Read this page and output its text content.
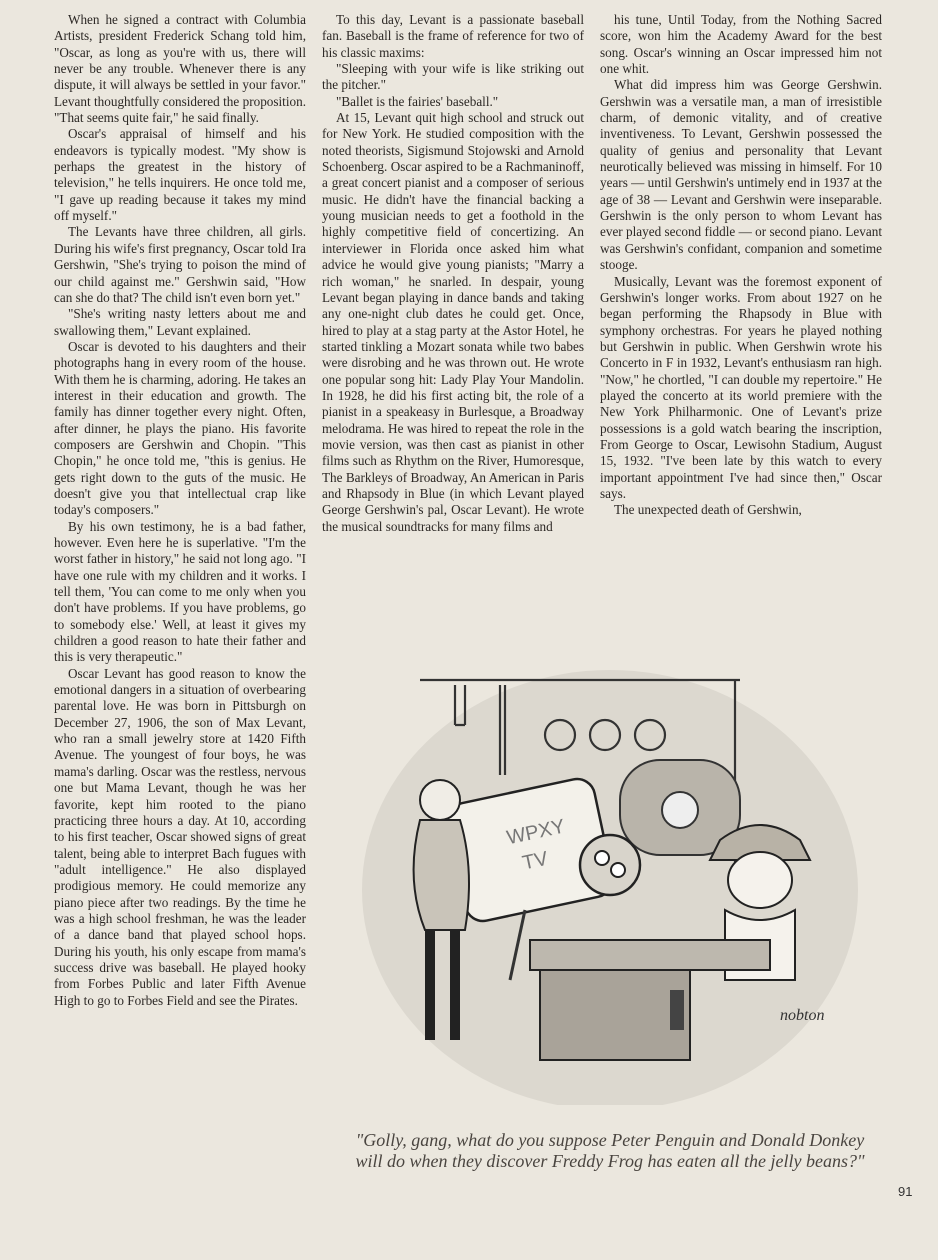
When he signed a contract with Columbia Artists, president Frederick Schang told him, "Oscar, as long as you're with us, there will never be any trouble. Whenever there is any dispute, it will always be settled in your favor." Levant thoughtfully considered the proposition. "That seems quite fair," he said finally.

Oscar's appraisal of himself and his endeavors is typically modest. "My show is perhaps the greatest in the history of television," he tells inquirers. He once told me, "I gave up reading because it takes my mind off myself."

The Levants have three children, all girls. During his wife's first pregnancy, Oscar told Ira Gershwin, "She's trying to poison the mind of our child against me." Gershwin said, "How can she do that? The child isn't even born yet."

"She's writing nasty letters about me and swallowing them," Levant explained.

Oscar is devoted to his daughters and their photographs hang in every room of the house. With them he is charming, adoring. He takes an interest in their education and growth. The family has dinner together every night. Often, after dinner, he plays the piano. His favorite composers are Gershwin and Chopin. "This Chopin," he once told me, "this is genius. He gets right down to the guts of the music. He doesn't give you that intellectual crap like today's composers."

By his own testimony, he is a bad father, however. Even here he is superlative. "I'm the worst father in history," he said not long ago. "I have one rule with my children and it works. I tell them, 'You can come to me only when you don't have problems. If you have problems, go to somebody else.' Well, at least it gives my children a good reason to hate their father and this is very therapeutic."

Oscar Levant has good reason to know the emotional dangers in a situation of overbearing parental love. He was born in Pittsburgh on December 27, 1906, the son of Max Levant, who ran a small jewelry store at 1420 Fifth Avenue. The youngest of four boys, he was mama's darling. Oscar was the restless, nervous one but Mama Levant, though he was her favorite, kept him rooted to the piano practicing three hours a day. At 10, according to his first teacher, Oscar showed signs of great talent, being able to interpret Bach fugues with "adult intelligence." He also displayed prodigious memory. He could memorize any piano piece after two readings. By the time he was a high school freshman, he was the leader of a dance band that played school hops. During his youth, his only escape from mama's success drive was baseball. He played hooky from Forbes Public and later Fifth Avenue High to go to Forbes Field and see the Pirates.

To this day, Levant is a passionate baseball fan. Baseball is the frame of reference for two of his classic maxims:

"Sleeping with your wife is like striking out the pitcher."

"Ballet is the fairies' baseball."

At 15, Levant quit high school and struck out for New York. He studied composition with the noted theorists, Sigismund Stojowski and Arnold Schoenberg. Oscar aspired to be a Rachmaninoff, a great concert pianist and a composer of serious music. He didn't have the financial backing a young musician needs to get a foothold in the highly competitive field of concertizing. An interviewer in Florida once asked him what advice he would give young pianists; "Marry a rich woman," he snarled. In despair, young Levant began playing in dance bands and taking any one-night club dates he could get. Once, hired to play at a stag party at the Astor Hotel, he started tinkling a Mozart sonata while two babes were disrobing and he was thrown out. He wrote one popular song hit: Lady Play Your Mandolin. In 1928, he did his first acting bit, the role of a pianist in a speakeasy in Burlesque, a Broadway melodrama. He was hired to repeat the role in the movie version, was then cast as pianist in other films such as Rhythm on the River, Humoresque, The Barkleys of Broadway, An American in Paris and Rhapsody in Blue (in which Levant played George Gershwin's pal, Oscar Levant). He wrote the musical soundtracks for many films and

his tune, Until Today, from the Nothing Sacred score, won him the Academy Award for the best song. Oscar's winning an Oscar impressed him not one whit.

What did impress him was George Gershwin. Gershwin was a versatile man, a man of irresistible charm, of demonic vitality, and of creative inventiveness. To Levant, Gershwin possessed the quality of genius and personality that Levant neurotically believed was missing in himself. For 10 years — until Gershwin's untimely end in 1937 at the age of 38 — Levant and Gershwin were inseparable. Gershwin is the only person to whom Levant has ever played second fiddle — or second piano. Levant was Gershwin's confidant, companion and sometime stooge.

Musically, Levant was the foremost exponent of Gershwin's longer works. From about 1927 on he began performing the Rhapsody in Blue with symphony orchestras. For years he played nothing but Gershwin in public. When Gershwin wrote his Concerto in F in 1932, Levant's enthusiasm ran high. "Now," he chortled, "I can double my repertoire." He played the concerto at its world premiere with the New York Philharmonic. One of Levant's prize possessions is a gold watch bearing the inscription, From George to Oscar, Lewisohn Stadium, August 15, 1932. "I've been late by this watch to every important appointment I've had since then," Oscar says.

The unexpected death of Gershwin,

WPXY
TV
nobton
"Golly, gang, what do you suppose Peter Penguin and Donald Donkey will do when they discover Freddy Frog has eaten all the jelly beans?"
91
